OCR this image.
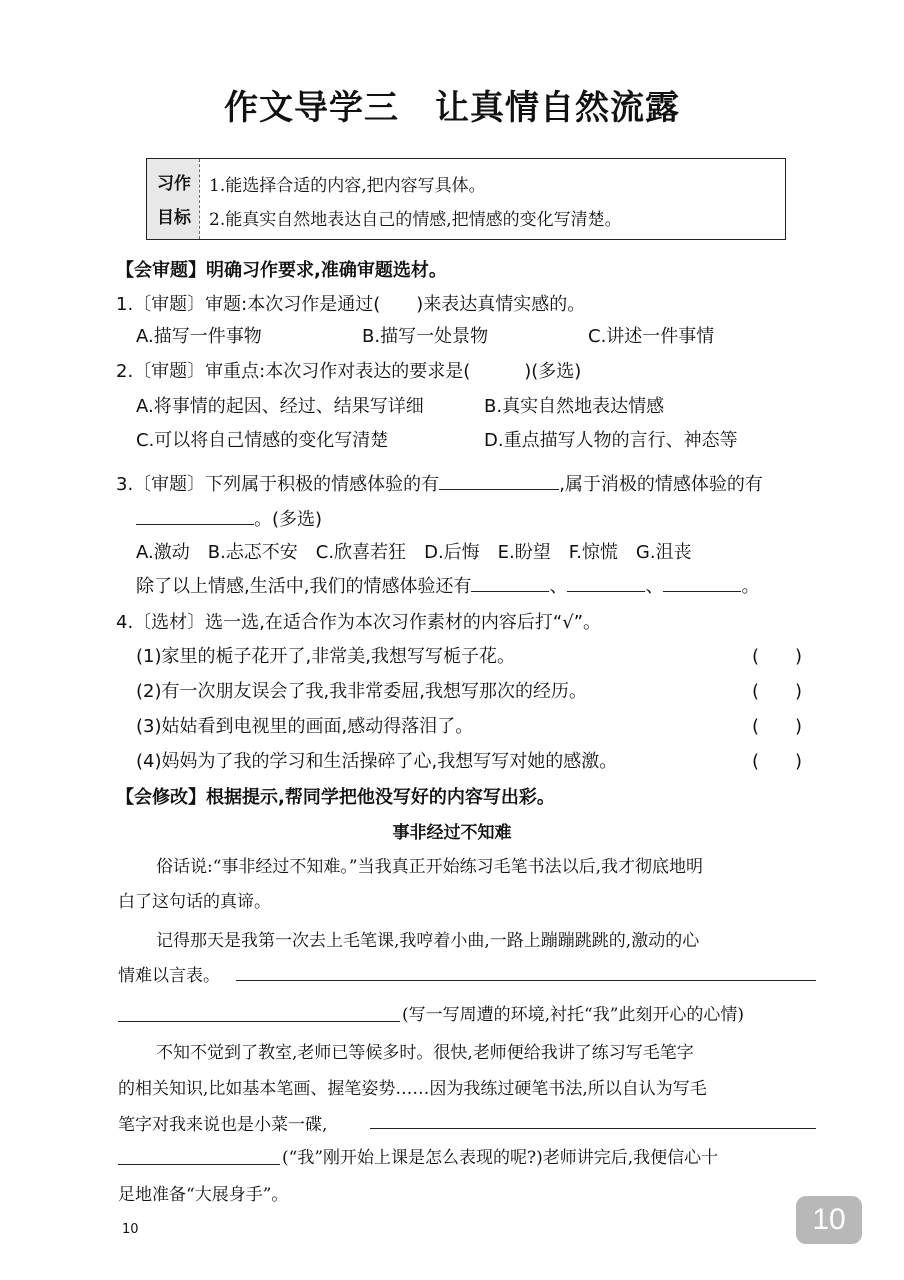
作文导学三 让真情自然流露
习作
目标
1.能选择合适的内容,把内容写具体。
2.能真实自然地表达自己的情感,把情感的变化写清楚。
【会审题】明确习作要求,准确审题选材。
1.〔审题〕审题:本次习作是通过(　　)来表达真情实感的。
A.描写一件事物	B.描写一处景物	C.讲述一件事情
2.〔审题〕审重点:本次习作对表达的要求是(　　　)(多选)
A.将事情的起因、经过、结果写详细	B.真实自然地表达情感
C.可以将自己情感的变化写清楚	D.重点描写人物的言行、神态等
3.〔审题〕下列属于积极的情感体验的有	,属于消极的情感体验的有
。(多选)
A.激动　B.忐忑不安　C.欣喜若狂　D.后悔　E.盼望　F.惊慌　G.沮丧
除了以上情感,生活中,我们的情感体验还有	、	、	。
4.〔选材〕选一选,在适合作为本次习作素材的内容后打“√”。
(1)家里的栀子花开了,非常美,我想写写栀子花。	(　　)
(2)有一次朋友误会了我,我非常委屈,我想写那次的经历。	(　　)
(3)姑姑看到电视里的画面,感动得落泪了。	(　　)
(4)妈妈为了我的学习和生活操碎了心,我想写写对她的感激。	(　　)
【会修改】根据提示,帮同学把他没写好的内容写出彩。
事非经过不知难
俗话说:“事非经过不知难。”当我真正开始练习毛笔书法以后,我才彻底地明
白了这句话的真谛。
记得那天是我第一次去上毛笔课,我哼着小曲,一路上蹦蹦跳跳的,激动的心
情难以言表。
(写一写周遭的环境,衬托“我”此刻开心的心情)
不知不觉到了教室,老师已等候多时。很快,老师便给我讲了练习写毛笔字
的相关知识,比如基本笔画、握笔姿势……因为我练过硬笔书法,所以自认为写毛
笔字对我来说也是小菜一碟,
(“我”刚开始上课是怎么表现的呢?)老师讲完后,我便信心十
足地准备“大展身手”。
10	10
